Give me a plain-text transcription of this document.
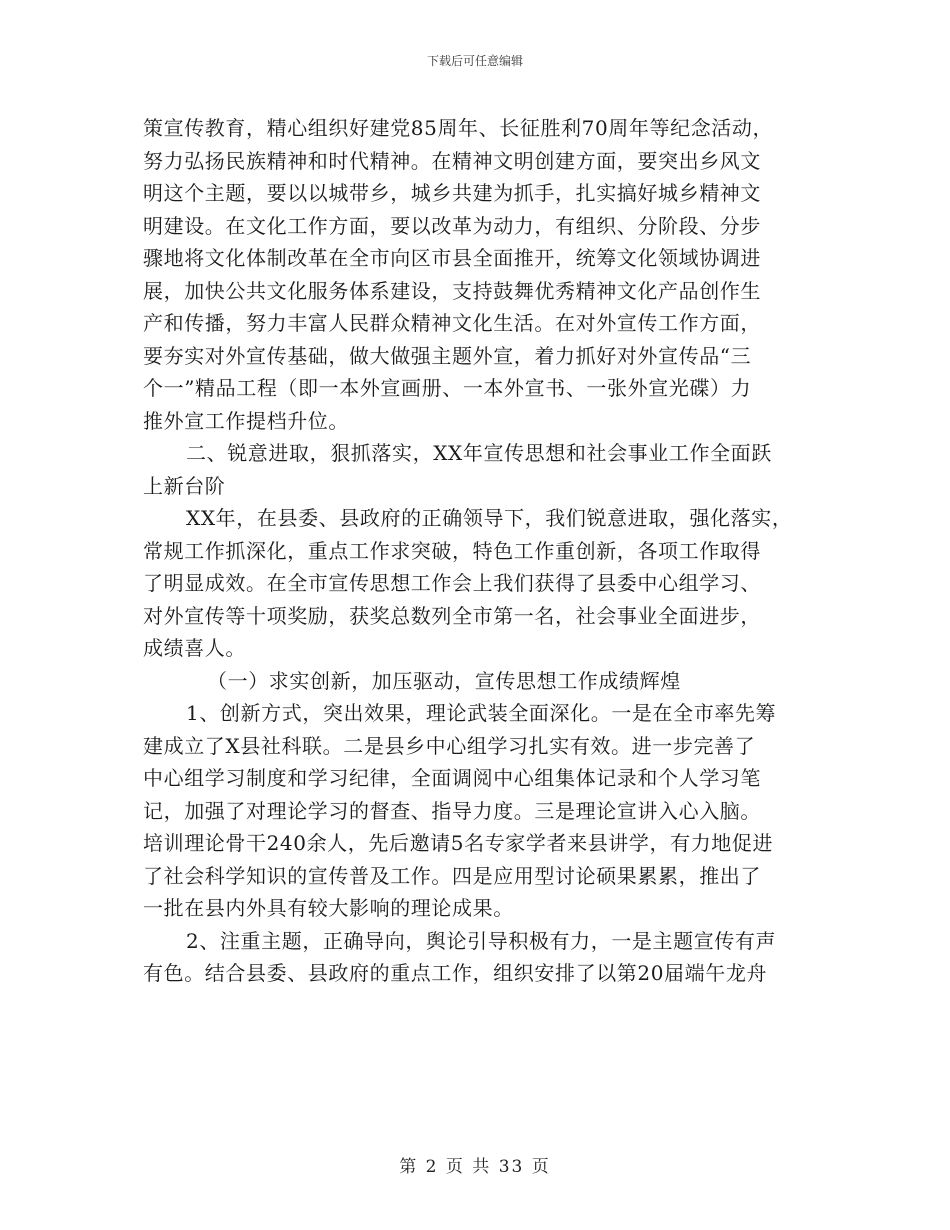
下载后可任意编辑
策宣传教育，精心组织好建党85周年、长征胜利70周年等纪念活动，
努力弘扬民族精神和时代精神。在精神文明创建方面，要突出乡风文
明这个主题，要以以城带乡，城乡共建为抓手，扎实搞好城乡精神文
明建设。在文化工作方面，要以改革为动力，有组织、分阶段、分步
骤地将文化体制改革在全市向区市县全面推开，统筹文化领域协调进
展，加快公共文化服务体系建设，支持鼓舞优秀精神文化产品创作生
产和传播，努力丰富人民群众精神文化生活。在对外宣传工作方面，
要夯实对外宣传基础，做大做强主题外宣，着力抓好对外宣传品“三
个一”精品工程（即一本外宣画册、一本外宣书、一张外宣光碟）力
推外宣工作提档升位。
二、锐意进取，狠抓落实，XX年宣传思想和社会事业工作全面跃
上新台阶
XX年，在县委、县政府的正确领导下，我们锐意进取，强化落实，
常规工作抓深化，重点工作求突破，特色工作重创新，各项工作取得
了明显成效。在全市宣传思想工作会上我们获得了县委中心组学习、
对外宣传等十项奖励，获奖总数列全市第一名，社会事业全面进步，
成绩喜人。
（一）求实创新，加压驱动，宣传思想工作成绩辉煌
1、创新方式，突出效果，理论武装全面深化。一是在全市率先筹
建成立了X县社科联。二是县乡中心组学习扎实有效。进一步完善了
中心组学习制度和学习纪律，全面调阅中心组集体记录和个人学习笔
记，加强了对理论学习的督查、指导力度。三是理论宣讲入心入脑。
培训理论骨干240余人，先后邀请5名专家学者来县讲学，有力地促进
了社会科学知识的宣传普及工作。四是应用型讨论硕果累累，推出了
一批在县内外具有较大影响的理论成果。
2、注重主题，正确导向，舆论引导积极有力，一是主题宣传有声
有色。结合县委、县政府的重点工作，组织安排了以第20届端午龙舟
第 2 页 共 33 页
